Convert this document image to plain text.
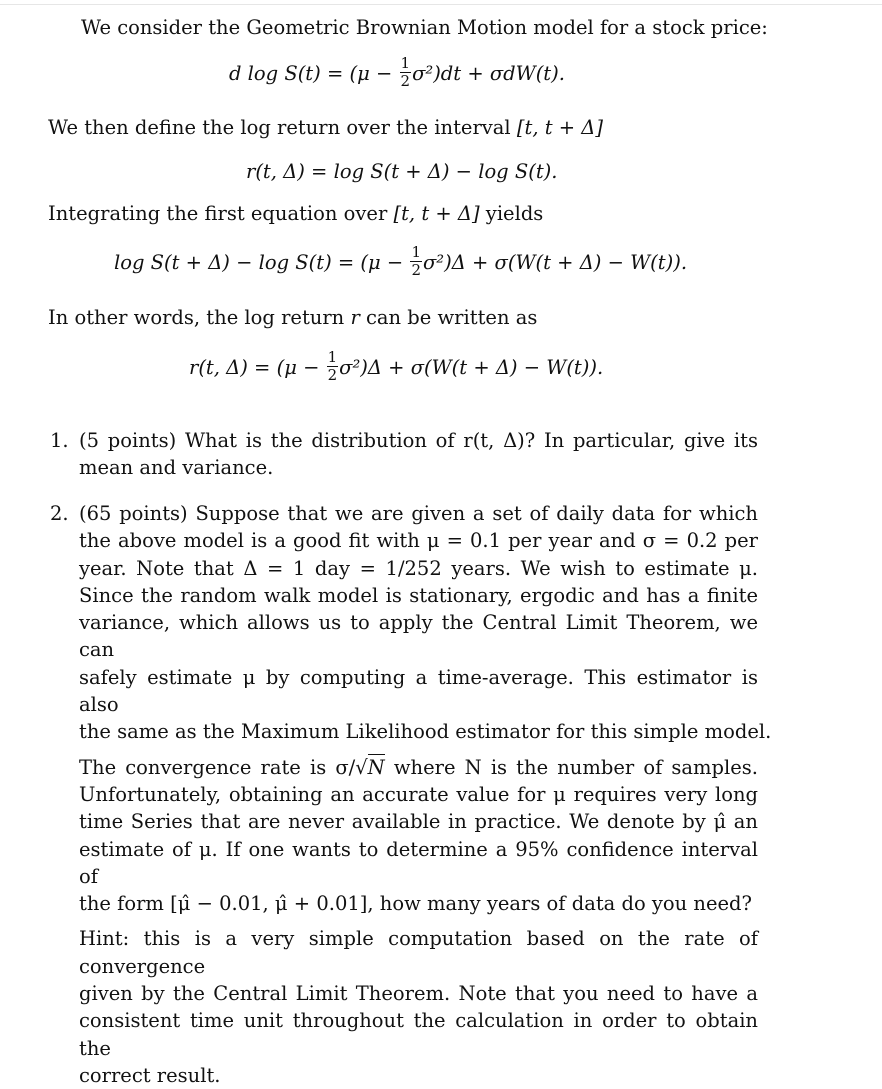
We consider the Geometric Brownian Motion model for a stock price:
d $\log S(t) = (\mu - \frac{1}{2} \sigma^2)dt + \sigma dW(t)$.
We then define the log return over the interval [t, t + Δ]
r(t, Δ) = log S(t + Δ) − log S(t).
Integrating the first equation over [t, t + Δ] yields
$\log S(t + \Delta) - \log S(t) = (\mu - \frac{1}{2} \sigma^2)\Delta + \sigma(W(t + \Delta) - W(t))$.
In other words, the log return r can be written as
r(t, $\Delta) = (\mu - \frac{1}{2} \sigma^2)\Delta + \sigma(W(t + \Delta) - W(t))$.
1. (5 points) What is the distribution of r(t, Δ)? In particular, give its
mean and variance.
2. (65 points) Suppose that we are given a set of daily data for which
the above model is a good fit with μ = 0.1 per year and σ = 0.2 per
year. Note that Δ = 1 day = 1/252 years. We wish to estimate μ.
Since the random walk model is stationary, ergodic and has a finite
variance, which allows us to apply the Central Limit Theorem, we can
safely estimate μ by computing a time-average. This estimator is also
the same as the Maximum Likelihood estimator for this simple model.
The convergence rate is σ/√N where N is the number of samples.
Unfortunately, obtaining an accurate value for μ requires very long
time Series that are never available in practice. We denote by μ̂ an
estimate of μ. If one wants to determine a 95% confidence interval of
the form [μ̂ − 0.01, μ̂ + 0.01], how many years of data do you need?
Hint: this is a very simple computation based on the rate of convergence
given by the Central Limit Theorem. Note that you need to have a
consistent time unit throughout the calculation in order to obtain the
correct result.
